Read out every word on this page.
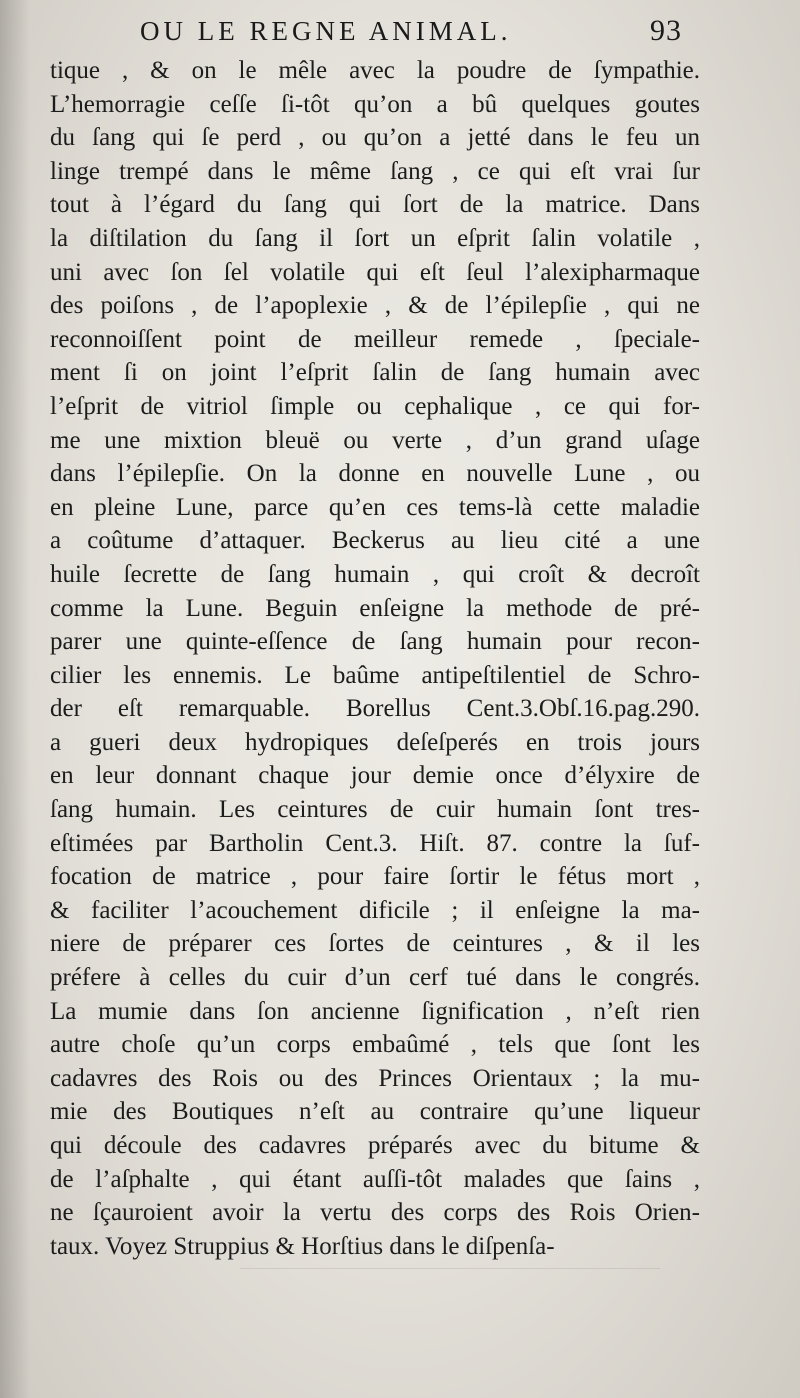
OU LE REGNE ANIMAL.	93
tique , & on le mêle avec la poudre de ſympathie.
L’hemorragie ceſſe ſi-tôt qu’on a bû quelques goutes
du ſang qui ſe perd , ou qu’on a jetté dans le feu un
linge trempé dans le même ſang , ce qui eſt vrai ſur
tout à l’égard du ſang qui ſort de la matrice. Dans
la diſtilation du ſang il ſort un eſprit ſalin volatile ,
uni avec ſon ſel volatile qui eſt ſeul l’alexipharmaque
des poiſons , de l’apoplexie , & de l’épilepſie , qui ne
reconnoiſſent point de meilleur remede , ſpeciale-
ment ſi on joint l’eſprit ſalin de ſang humain avec
l’eſprit de vitriol ſimple ou cephalique , ce qui for-
me une mixtion bleuë ou verte , d’un grand uſage
dans l’épilepſie. On la donne en nouvelle Lune , ou
en pleine Lune, parce qu’en ces tems-là cette maladie
a coûtume d’attaquer. Beckerus au lieu cité a une
huile ſecrette de ſang humain , qui croît & decroît
comme la Lune. Beguin enſeigne la methode de pré-
parer une quinte-eſſence de ſang humain pour recon-
cilier les ennemis. Le baûme antipeſtilentiel de Schro-
der eſt remarquable. Borellus Cent.3.Obſ.16.pag.290.
a gueri deux hydropiques deſeſperés en trois jours
en leur donnant chaque jour demie once d’élyxire de
ſang humain. Les ceintures de cuir humain ſont tres-
eſtimées par Bartholin Cent.3. Hiſt. 87. contre la ſuf-
focation de matrice , pour faire ſortir le fétus mort ,
& faciliter l’acouchement dificile ; il enſeigne la ma-
niere de préparer ces ſortes de ceintures , & il les
préfere à celles du cuir d’un cerf tué dans le congrés.
La mumie dans ſon ancienne ſignification , n’eſt rien
autre choſe qu’un corps embaûmé , tels que ſont les
cadavres des Rois ou des Princes Orientaux ; la mu-
mie des Boutiques n’eſt au contraire qu’une liqueur
qui découle des cadavres préparés avec du bitume &
de l’aſphalte , qui étant auſſi-tôt malades que ſains ,
ne ſçauroient avoir la vertu des corps des Rois Orien-
taux. Voyez Struppius & Horſtius dans le diſpenſa-
